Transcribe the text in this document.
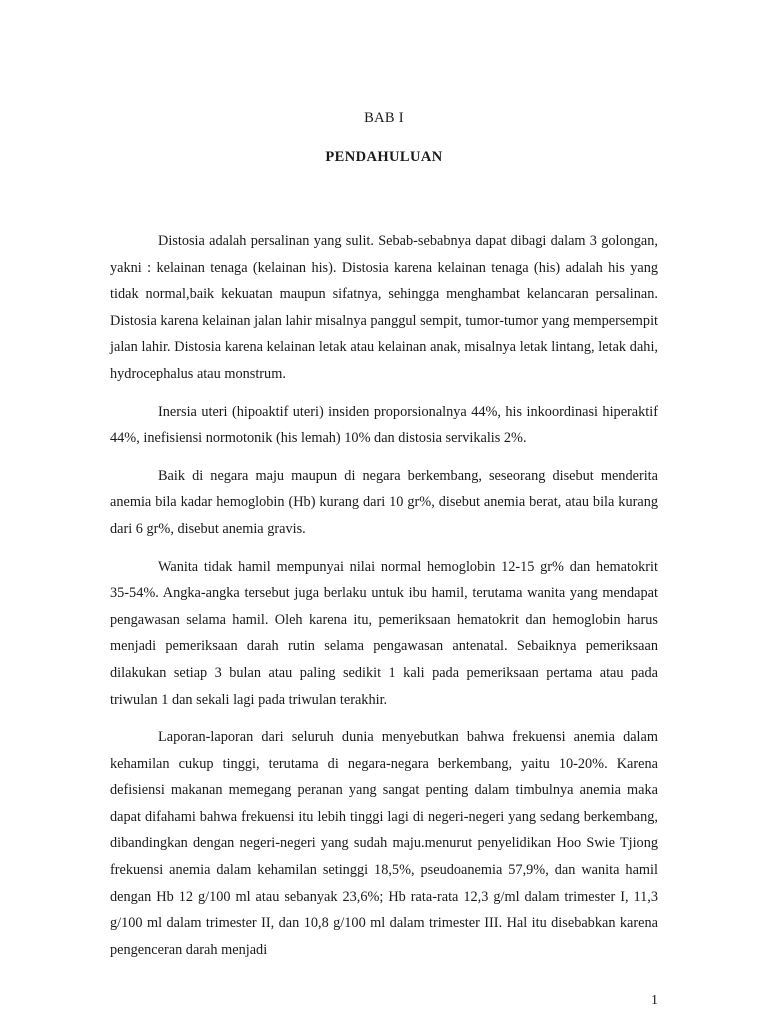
BAB I
PENDAHULUAN

Distosia adalah persalinan yang sulit. Sebab-sebabnya dapat dibagi dalam 3 golongan, yakni : kelainan tenaga (kelainan his). Distosia karena kelainan tenaga (his) adalah his yang tidak normal,baik kekuatan maupun sifatnya, sehingga menghambat kelancaran persalinan. Distosia karena kelainan jalan lahir misalnya panggul sempit, tumor-tumor yang mempersempit jalan lahir. Distosia karena kelainan letak atau kelainan anak, misalnya letak lintang, letak dahi, hydrocephalus atau monstrum.

Inersia uteri (hipoaktif uteri) insiden proporsionalnya 44%, his inkoordinasi hiperaktif 44%, inefisiensi normotonik (his lemah) 10% dan distosia servikalis 2%.

Baik di negara maju maupun di negara berkembang, seseorang disebut menderita anemia bila kadar hemoglobin (Hb) kurang dari 10 gr%, disebut anemia berat, atau bila kurang dari 6 gr%, disebut anemia gravis.

Wanita tidak hamil mempunyai nilai normal hemoglobin 12-15 gr% dan hematokrit 35-54%. Angka-angka tersebut juga berlaku untuk ibu hamil, terutama wanita yang mendapat pengawasan selama hamil. Oleh karena itu, pemeriksaan hematokrit dan hemoglobin harus menjadi pemeriksaan darah rutin selama pengawasan antenatal. Sebaiknya pemeriksaan dilakukan setiap 3 bulan atau paling sedikit 1 kali pada pemeriksaan pertama atau pada triwulan 1 dan sekali lagi pada triwulan terakhir.

Laporan-laporan dari seluruh dunia menyebutkan bahwa frekuensi anemia dalam kehamilan cukup tinggi, terutama di negara-negara berkembang, yaitu 10-20%. Karena defisiensi makanan memegang peranan yang sangat penting dalam timbulnya anemia maka dapat difahami bahwa frekuensi itu lebih tinggi lagi di negeri-negeri yang sedang berkembang, dibandingkan dengan negeri-negeri yang sudah maju.menurut penyelidikan Hoo Swie Tjiong frekuensi anemia dalam kehamilan setinggi 18,5%, pseudoanemia 57,9%, dan wanita hamil dengan Hb 12 g/100 ml atau sebanyak 23,6%; Hb rata-rata 12,3 g/ml dalam trimester I, 11,3 g/100 ml dalam trimester II, dan 10,8 g/100 ml dalam trimester III. Hal itu disebabkan karena pengenceran darah menjadi

1
